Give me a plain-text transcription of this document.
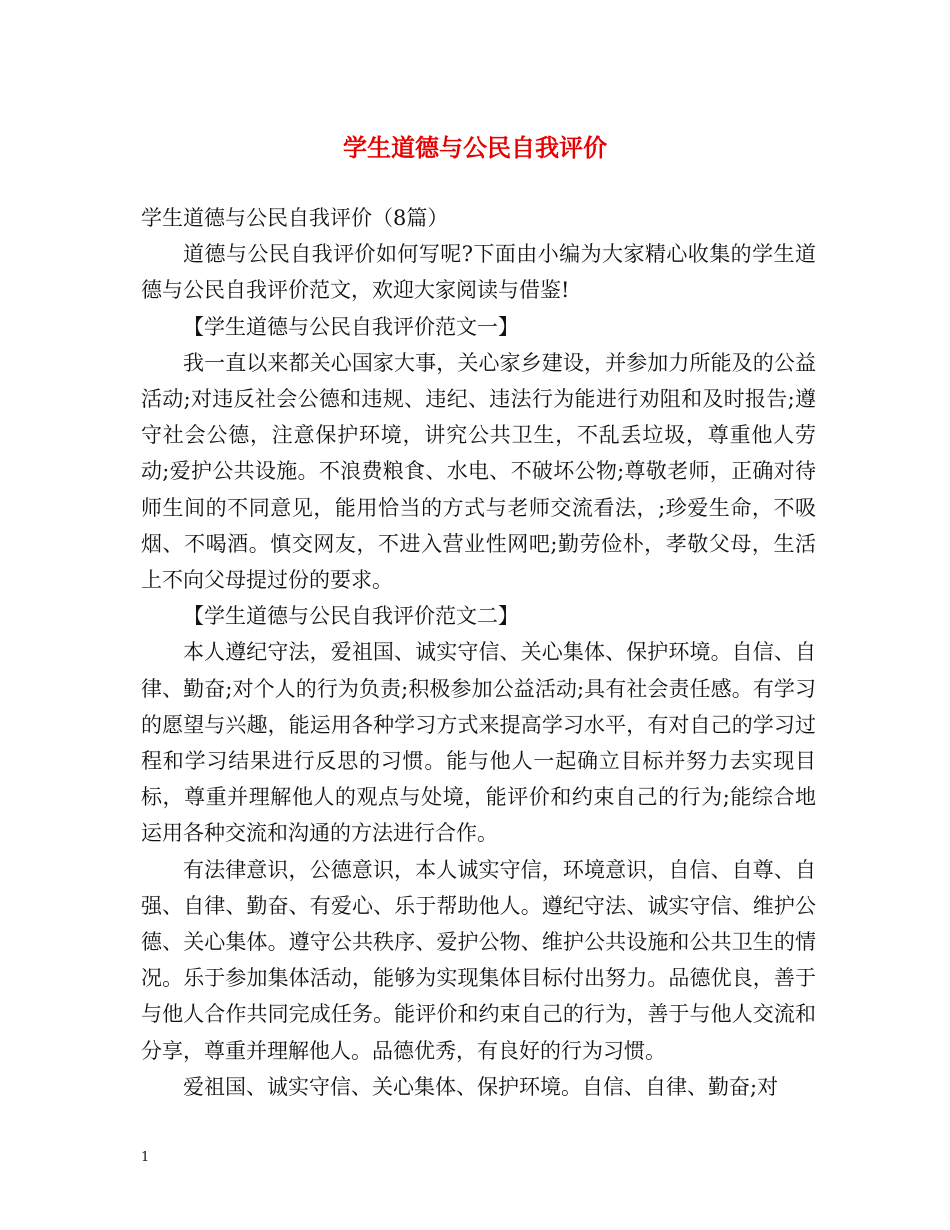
学生道德与公民自我评价

学生道德与公民自我评价（8篇）

道德与公民自我评价如何写呢?下面由小编为大家精心收集的学生道德与公民自我评价范文，欢迎大家阅读与借鉴!

【学生道德与公民自我评价范文一】

我一直以来都关心国家大事，关心家乡建设，并参加力所能及的公益活动;对违反社会公德和违规、违纪、违法行为能进行劝阻和及时报告;遵守社会公德，注意保护环境，讲究公共卫生，不乱丢垃圾，尊重他人劳动;爱护公共设施。不浪费粮食、水电、不破坏公物;尊敬老师，正确对待师生间的不同意见，能用恰当的方式与老师交流看法，;珍爱生命，不吸烟、不喝酒。慎交网友，不进入营业性网吧;勤劳俭朴，孝敬父母，生活上不向父母提过份的要求。

【学生道德与公民自我评价范文二】

本人遵纪守法，爱祖国、诚实守信、关心集体、保护环境。自信、自律、勤奋;对个人的行为负责;积极参加公益活动;具有社会责任感。有学习的愿望与兴趣，能运用各种学习方式来提高学习水平，有对自己的学习过程和学习结果进行反思的习惯。能与他人一起确立目标并努力去实现目标，尊重并理解他人的观点与处境，能评价和约束自己的行为;能综合地运用各种交流和沟通的方法进行合作。

有法律意识，公德意识，本人诚实守信，环境意识，自信、自尊、自强、自律、勤奋、有爱心、乐于帮助他人。遵纪守法、诚实守信、维护公德、关心集体。遵守公共秩序、爱护公物、维护公共设施和公共卫生的情况。乐于参加集体活动，能够为实现集体目标付出努力。品德优良，善于与他人合作共同完成任务。能评价和约束自己的行为，善于与他人交流和分享，尊重并理解他人。品德优秀，有良好的行为习惯。

爱祖国、诚实守信、关心集体、保护环境。自信、自律、勤奋;对

1
